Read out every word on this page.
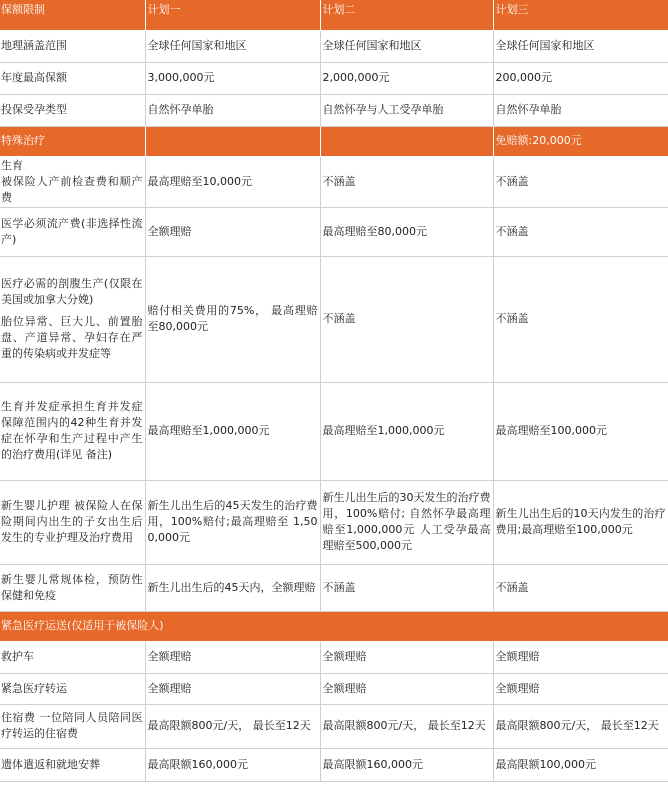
保额限制	计划一	计划二	计划三
地理涵盖范围	全球任何国家和地区	全球任何国家和地区	全球任何国家和地区
年度最高保额	3,000,000元	2,000,000元	200,000元
投保受孕类型	自然怀孕单胎	自然怀孕与人工受孕单胎	自然怀孕单胎
特殊治疗			免赔额:20,000元
生育
被保险人产前检查费和顺产费	最高理赔至10,000元	不涵盖	不涵盖
医学必须流产费(非选择性流产)	全额理赔	最高理赔至80,000元	不涵盖

医疗必需的剖腹生产(仅限在美国或加拿大分娩)
胎位异常、巨大儿、前置胎盘、产道异常、孕妇存在严重的传染病或并发症等	赔付相关费用的75%， 最高理赔至80,000元	不涵盖	不涵盖
生育并发症承担生育并发症保障范围内的42种生育并发 症在怀孕和生产过程中产生的治疗费用(详见 备注)	最高理赔至1,000,000元	最高理赔至1,000,000元	最高理赔至100,000元
新生婴儿护理 被保险人在保险期间内出生的子女出生后 发生的专业护理及治疗费用	新生儿出生后的45天发生的治疗费用，100%赔付;最高理赔至 1,500,000元	新生儿出生后的30天发生的治疗费用，100%赔付; 自然怀孕最高理赔至1,000,000元 人工受孕最高理赔至500,000元	新生儿出生后的10天内发生的治疗费用;最高理赔至100,000元
新生婴儿常规体检，预防性保健和免疫	新生儿出生后的45天内，全额理赔	不涵盖	不涵盖
紧急医疗运送(仅适用于被保险人)			
救护车	全额理赔	全额理赔	全额理赔
紧急医疗转运	全额理赔	全额理赔	全额理赔
住宿费 一位陪同人员陪同医疗转运的住宿费	最高限额800元/天， 最长至12天	最高限额800元/天， 最长至12天	最高限额800元/天， 最长至12天
遗体遣返和就地安葬	最高限额160,000元	最高限额160,000元	最高限额100,000元
